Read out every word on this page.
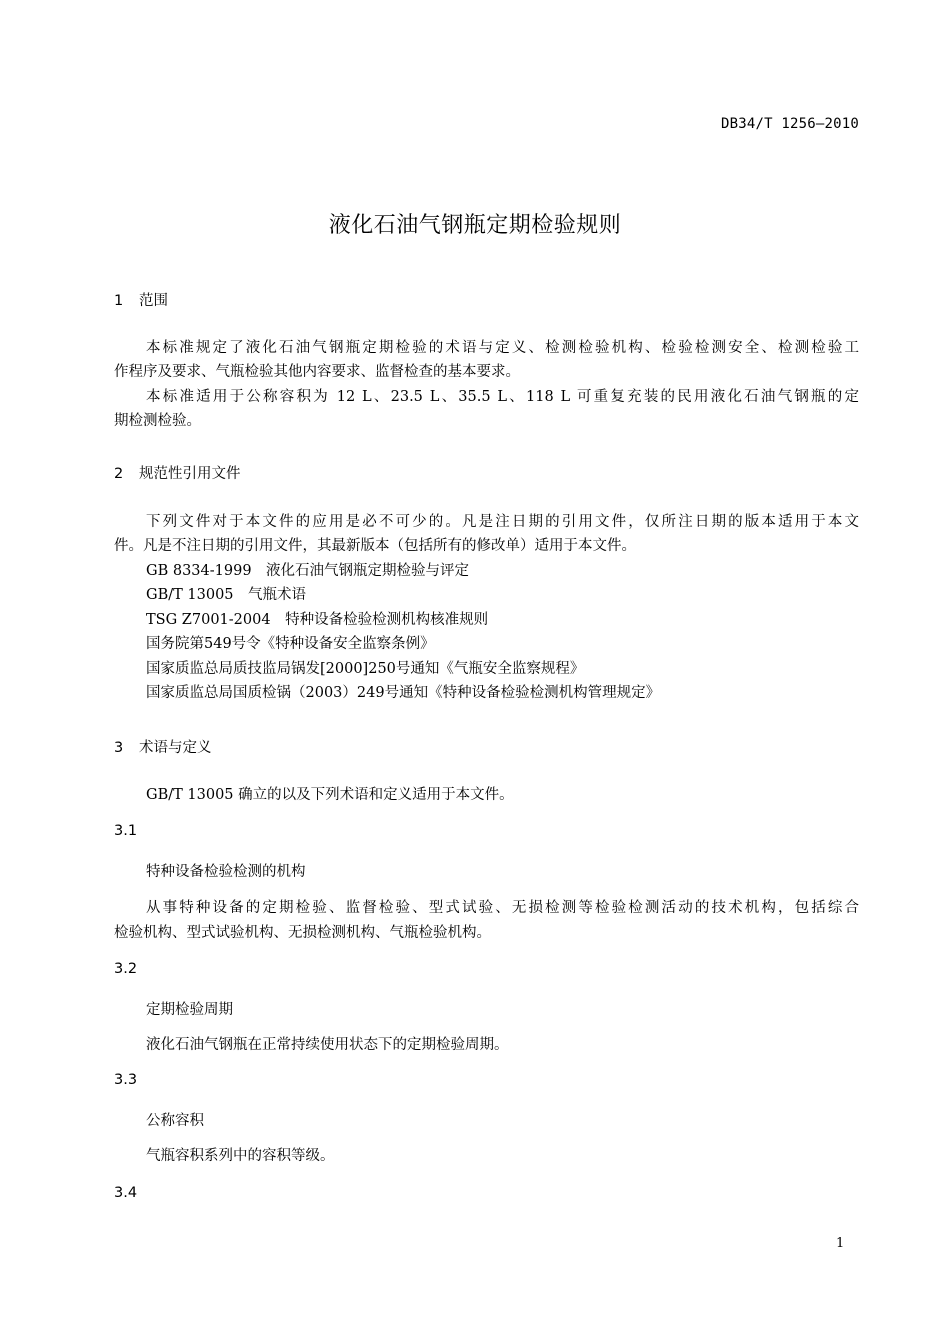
DB34/T 1256—2010
液化石油气钢瓶定期检验规则
1 范围
本标准规定了液化石油气钢瓶定期检验的术语与定义、检测检验机构、检验检测安全、检测检验工
作程序及要求、气瓶检验其他内容要求、监督检查的基本要求。
本标准适用于公称容积为 12 L、23.5 L、35.5 L、118 L 可重复充装的民用液化石油气钢瓶的定
期检测检验。
2 规范性引用文件
下列文件对于本文件的应用是必不可少的。凡是注日期的引用文件，仅所注日期的版本适用于本文
件。凡是不注日期的引用文件，其最新版本（包括所有的修改单）适用于本文件。
GB 8334-1999　液化石油气钢瓶定期检验与评定
GB/T 13005　气瓶术语
TSG Z7001-2004　特种设备检验检测机构核准规则
国务院第549号令《特种设备安全监察条例》
国家质监总局质技监局锅发[2000]250号通知《气瓶安全监察规程》
国家质监总局国质检锅（2003）249号通知《特种设备检验检测机构管理规定》
3 术语与定义
GB/T 13005 确立的以及下列术语和定义适用于本文件。
3.1
特种设备检验检测的机构
从事特种设备的定期检验、监督检验、型式试验、无损检测等检验检测活动的技术机构，包括综合
检验机构、型式试验机构、无损检测机构、气瓶检验机构。
3.2
定期检验周期
液化石油气钢瓶在正常持续使用状态下的定期检验周期。
3.3
公称容积
气瓶容积系列中的容积等级。
3.4
1
